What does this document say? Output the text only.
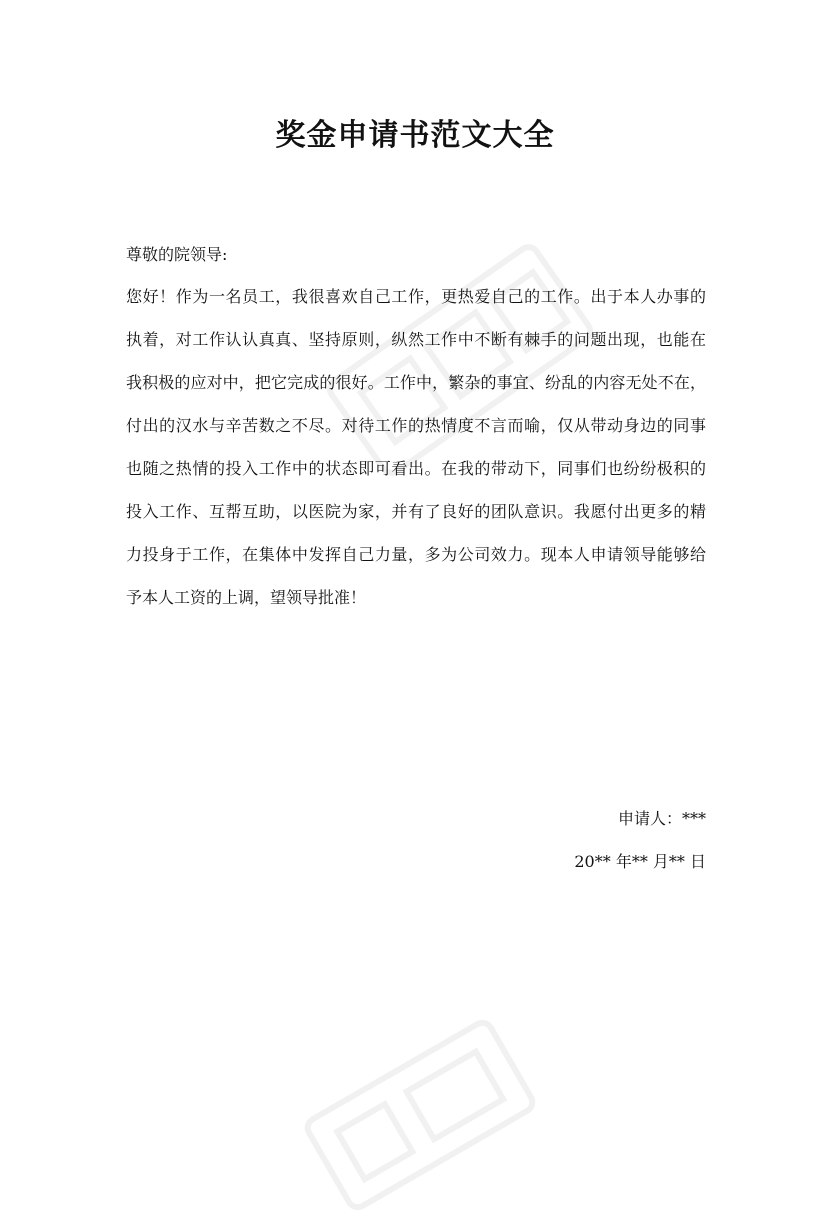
奖金申请书范文大全
尊敬的院领导:
您好！作为一名员工，我很喜欢自己工作，更热爱自己的工作。出于本人办事的
执着，对工作认认真真、坚持原则，纵然工作中不断有棘手的问题出现，也能在
我积极的应对中，把它完成的很好。工作中，繁杂的事宜、纷乱的内容无处不在，
付出的汉水与辛苦数之不尽。对待工作的热情度不言而喻，仅从带动身边的同事
也随之热情的投入工作中的状态即可看出。在我的带动下，同事们也纷纷极积的
投入工作、互帮互助，以医院为家，并有了良好的团队意识。我愿付出更多的精
力投身于工作，在集体中发挥自己力量，多为公司效力。现本人申请领导能够给
予本人工资的上调，望领导批准！
申请人：***
20** 年** 月** 日
